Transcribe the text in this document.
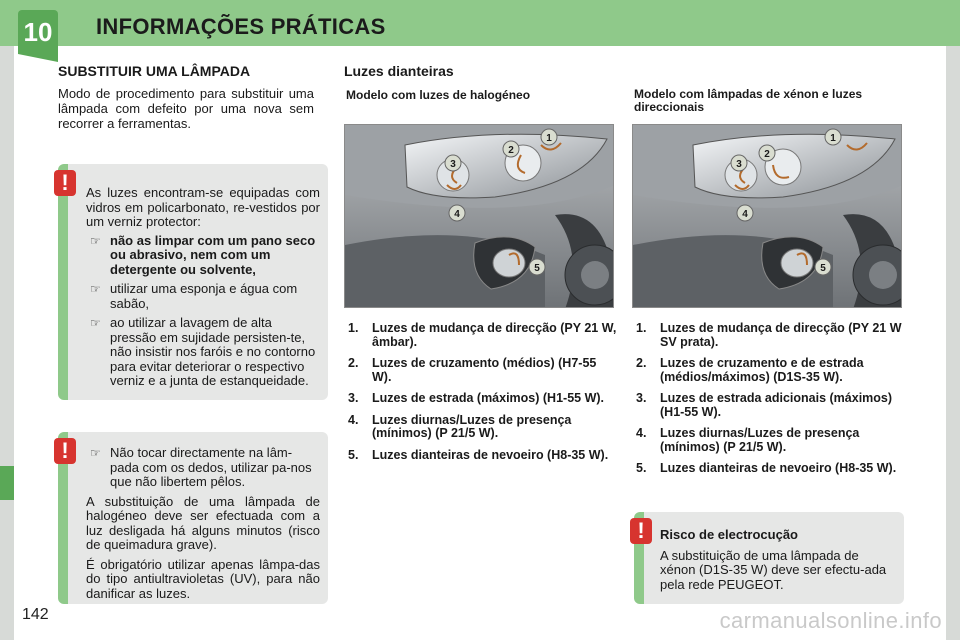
10 INFORMAÇÕES PRÁTICAS
SUBSTITUIR UMA LÂMPADA

Modo de procedimento para substituir uma lâmpada com defeito por uma nova sem recorrer a ferramentas.

!	As luzes encontram-se equipadas com vidros em policarbonato, re-vestidos por um verniz protector:

☞ não as limpar com um pano seco ou abrasivo, nem com um detergente ou solvente,
☞ utilizar uma esponja e água com sabão,
☞ ao utilizar a lavagem de alta pressão em sujidade persisten-te, não insistir nos faróis e no contorno para evitar deteriorar o respectivo verniz e a junta de estanqueidade.
!	☞ Não tocar directamente na lâm-pada com os dedos, utilizar pa-nos que não libertem pêlos.

A substituição de uma lâmpada de halogéneo deve ser efectuada com a luz desligada há alguns minutos (risco de queimadura grave).

É obrigatório utilizar apenas lâmpa-das do tipo antiultravioletas (UV), para não danificar as luzes.

!	Risco de electrocução

A substituição de uma lâmpada de xénon (D1S-35 W) deve ser efectu-ada pela rede PEUGEOT.

Luzes dianteiras
Modelo com luzes de halogéneo	Modelo com lâmpadas de xénon e luzes direccionais
1
2
3
4
5
1
2
3
4
5
1. Luzes de mudança de direcção (PY 21 W, âmbar).
2. Luzes de cruzamento (médios) (H7-55 W).
3. Luzes de estrada (máximos) (H1-55 W).
4. Luzes diurnas/Luzes de presença (mínimos) (P 21/5 W).
5. Luzes dianteiras de nevoeiro (H8-35 W).
1. Luzes de mudança de direcção (PY 21 W SV prata).
2. Luzes de cruzamento e de estrada (médios/máximos) (D1S-35 W).
3. Luzes de estrada adicionais (máximos) (H1-55 W).
4. Luzes diurnas/Luzes de presença (mínimos) (P 21/5 W).
5. Luzes dianteiras de nevoeiro (H8-35 W).
142	carmanualsonline.info
